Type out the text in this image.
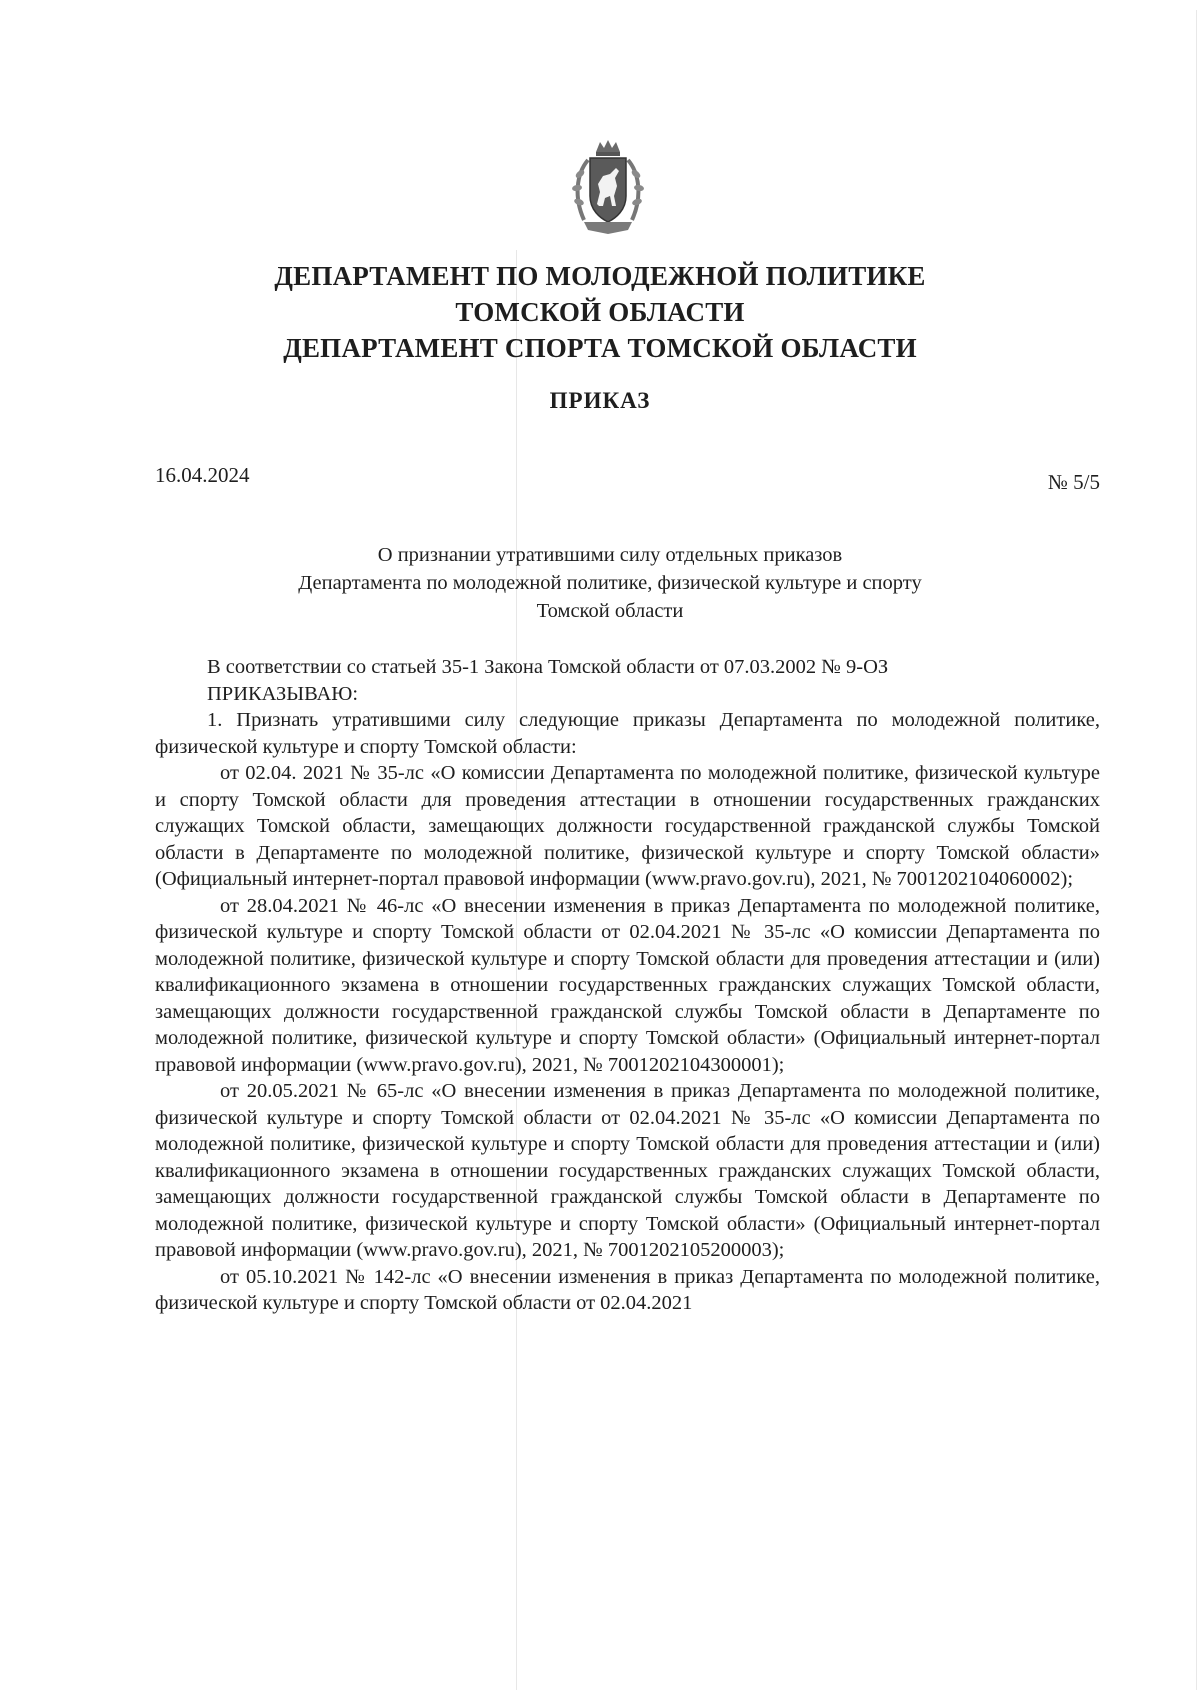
ДЕПАРТАМЕНТ ПО МОЛОДЕЖНОЙ ПОЛИТИКЕ
ТОМСКОЙ ОБЛАСТИ
ДЕПАРТАМЕНТ СПОРТА ТОМСКОЙ ОБЛАСТИ
ПРИКАЗ
16.04.2024	№ 5/5
О признании утратившими силу отдельных приказов
Департамента по молодежной политике, физической культуре и спорту
Томской области

В соответствии со статьей 35-1 Закона Томской области от 07.03.2002 № 9-ОЗ

ПРИКАЗЫВАЮ:

1. Признать утратившими силу следующие приказы Департамента по молодежной политике, физической культуре и спорту Томской области:

от 02.04. 2021 № 35-лс «О комиссии Департамента по молодежной политике, физической культуре и спорту Томской области для проведения аттестации в отношении государственных гражданских служащих Томской области, замещающих должности государственной гражданской службы Томской области в Департаменте по молодежной политике, физической культуре и спорту Томской области» (Официальный интернет-портал правовой информации (www.pravo.gov.ru), 2021, № 7001202104060002);

от 28.04.2021 № 46-лс «О внесении изменения в приказ Департамента по молодежной политике, физической культуре и спорту Томской области от 02.04.2021 № 35-лс «О комиссии Департамента по молодежной политике, физической культуре и спорту Томской области для проведения аттестации и (или) квалификационного экзамена в отношении государственных гражданских служащих Томской области, замещающих должности государственной гражданской службы Томской области в Департаменте по молодежной политике, физической культуре и спорту Томской области» (Официальный интернет-портал правовой информации (www.pravo.gov.ru), 2021, № 7001202104300001);

от 20.05.2021 № 65-лс «О внесении изменения в приказ Департамента по молодежной политике, физической культуре и спорту Томской области от 02.04.2021 № 35-лс «О комиссии Департамента по молодежной политике, физической культуре и спорту Томской области для проведения аттестации и (или) квалификационного экзамена в отношении государственных гражданских служащих Томской области, замещающих должности государственной гражданской службы Томской области в Департаменте по молодежной политике, физической культуре и спорту Томской области» (Официальный интернет-портал правовой информации (www.pravo.gov.ru), 2021, № 7001202105200003);

от 05.10.2021 № 142-лс «О внесении изменения в приказ Департамента по молодежной политике, физической культуре и спорту Томской области от 02.04.2021
